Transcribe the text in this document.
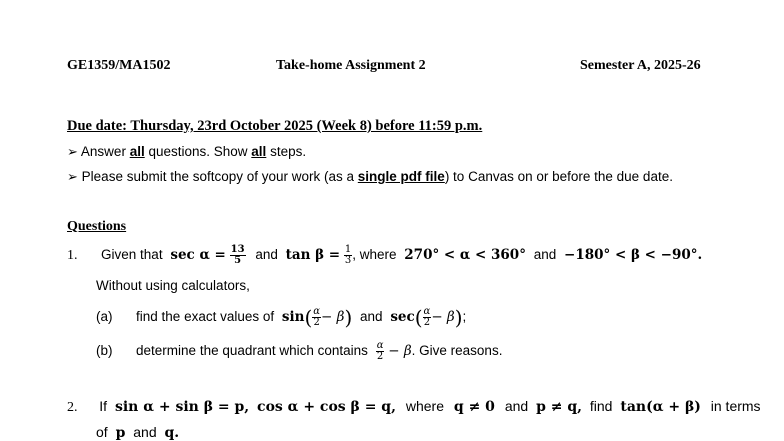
GE1359/MA1502	Take-home Assignment 2	Semester A, 2025-26
Due date: Thursday, 23rd October 2025 (Week 8) before 11:59 p.m.
➢ Answer all questions. Show all steps.
➢ Please submit the softcopy of your work (as a single pdf file) to Canvas on or before the due date.
Questions
1. Given that $\sec \alpha = \frac{13}{5}$ and $\tan \beta = \frac{1}{3}$ , where 270° < α < 360° and −180° < β < −90°.
Without using calculators,
(a) find the exact values of $\sin( \frac{\alpha}{2} - \beta)$ and $\sec( \frac{\alpha}{2} - \beta)$;
(b) determine the quadrant which contains $\frac{\alpha}{2} - \beta$. Give reasons.
2. If sin α + sin β = p, cos α + cos β = q, where q ≠ 0 and p ≠ q, find tan(α + β) in terms
of p and q.
